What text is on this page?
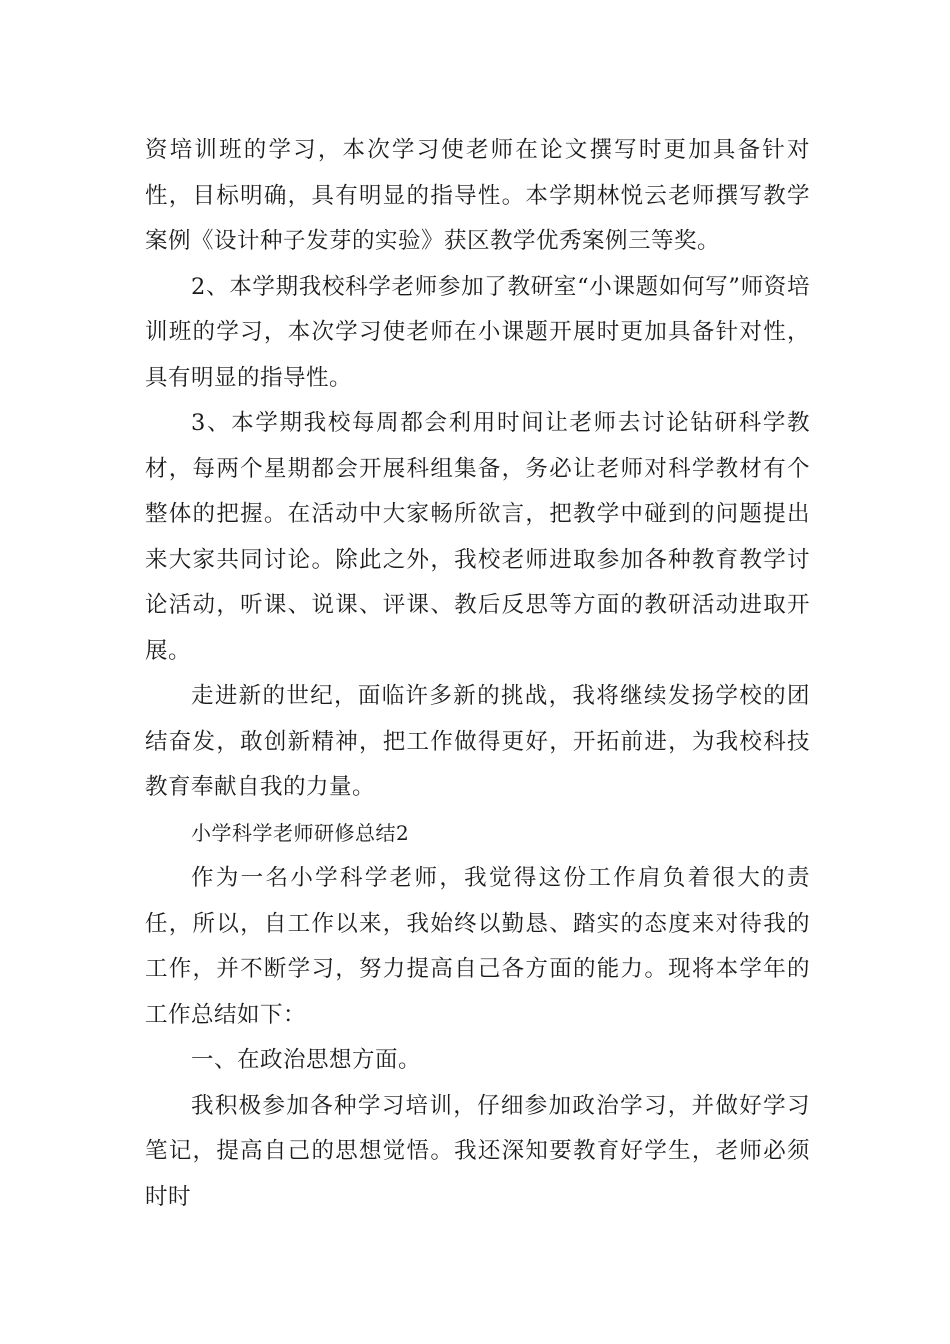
资培训班的学习，本次学习使老师在论文撰写时更加具备针对性，目标明确，具有明显的指导性。本学期林悦云老师撰写教学案例《设计种子发芽的实验》获区教学优秀案例三等奖。

2、本学期我校科学老师参加了教研室“小课题如何写”师资培训班的学习，本次学习使老师在小课题开展时更加具备针对性，具有明显的指导性。

3、本学期我校每周都会利用时间让老师去讨论钻研科学教材，每两个星期都会开展科组集备，务必让老师对科学教材有个整体的把握。在活动中大家畅所欲言，把教学中碰到的问题提出来大家共同讨论。除此之外，我校老师进取参加各种教育教学讨论活动，听课、说课、评课、教后反思等方面的教研活动进取开展。

走进新的世纪，面临许多新的挑战，我将继续发扬学校的团结奋发，敢创新精神，把工作做得更好，开拓前进，为我校科技教育奉献自我的力量。

小学科学老师研修总结2

作为一名小学科学老师，我觉得这份工作肩负着很大的责任，所以，自工作以来，我始终以勤恳、踏实的态度来对待我的工作，并不断学习，努力提高自己各方面的能力。现将本学年的工作总结如下：

一、在政治思想方面。

我积极参加各种学习培训，仔细参加政治学习，并做好学习笔记，提高自己的思想觉悟。我还深知要教育好学生，老师必须时时
